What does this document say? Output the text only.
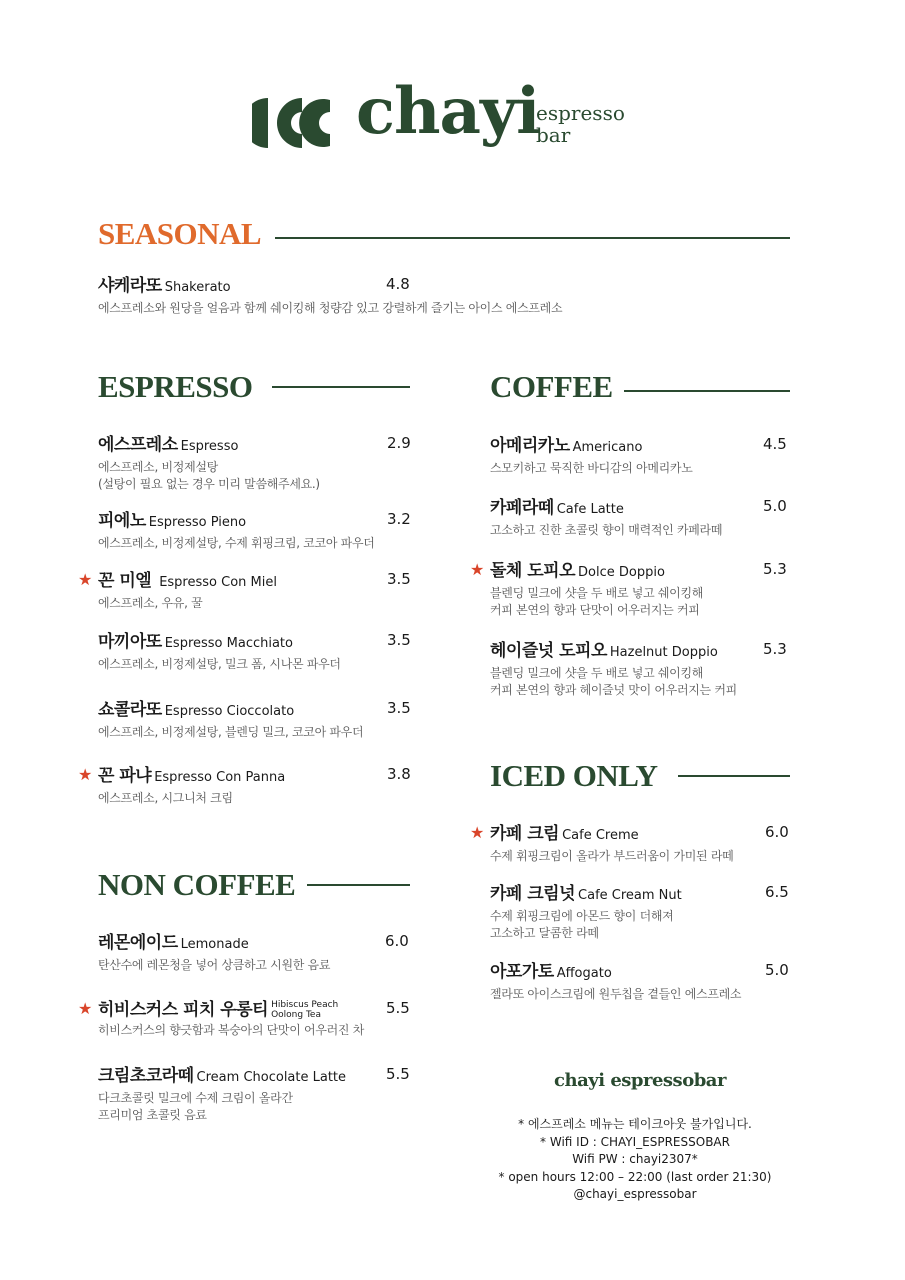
chayi
espresso
bar
SEASONAL
ESPRESSO	COFFEE
NON COFFEE
ICED ONLY
샤케라또 Shakerato	4.8
에스프레소와 원당을 얼음과 함께 쉐이킹해 청량감 있고 강렬하게 즐기는 아이스 에스프레소
에스프레소 Espresso	2.9
에스프레소, 비정제설탕
(설탕이 필요 없는 경우 미리 말씀해주세요.)
피에노 Espresso Pieno	3.2
에스프레소, 비정제설탕, 수제 휘핑크림, 코코아 파우더
★ 꼰 미엘 Espresso Con Miel	3.5
에스프레소, 우유, 꿀
마끼아또 Espresso Macchiato	3.5
에스프레소, 비정제설탕, 밀크 폼, 시나몬 파우더
쇼콜라또 Espresso Cioccolato	3.5
에스프레소, 비정제설탕, 블렌딩 밀크, 코코아 파우더
★ 꼰 파냐 Espresso Con Panna	3.8
에스프레소, 시그니처 크림
레몬에이드 Lemonade	6.0
탄산수에 레몬청을 넣어 상큼하고 시원한 음료
★ 히비스커스 피치 우롱티 Hibiscus Peach
Oolong Tea	5.5
히비스커스의 향긋함과 복숭아의 단맛이 어우러진 차
크림초코라떼 Cream Chocolate Latte	5.5
다크초콜릿 밀크에 수제 크림이 올라간
프리미엄 초콜릿 음료
아메리카노 Americano	4.5
스모키하고 묵직한 바디감의 아메리카노
카페라떼 Cafe Latte	5.0
고소하고 진한 초콜릿 향이 매력적인 카페라떼
★ 돌체 도피오 Dolce Doppio	5.3
블렌딩 밀크에 샷을 두 배로 넣고 쉐이킹해
커피 본연의 향과 단맛이 어우러지는 커피
헤이즐넛 도피오 Hazelnut Doppio	5.3
블렌딩 밀크에 샷을 두 배로 넣고 쉐이킹해
커피 본연의 향과 헤이즐넛 맛이 어우러지는 커피
★ 카페 크림 Cafe Creme	6.0
수제 휘핑크림이 올라가 부드러움이 가미된 라떼
카페 크림넛 Cafe Cream Nut	6.5
수제 휘핑크림에 아몬드 향이 더해져
고소하고 달콤한 라떼
아포가토 Affogato	5.0
젤라또 아이스크림에 원두칩을 곁들인 에스프레소
chayi espressobar
* 에스프레소 메뉴는 테이크아웃 불가입니다.
* Wifi ID : CHAYI_ESPRESSOBAR
Wifi PW : chayi2307*
* open hours 12:00 – 22:00 (last order 21:30)
@chayi_espressobar
